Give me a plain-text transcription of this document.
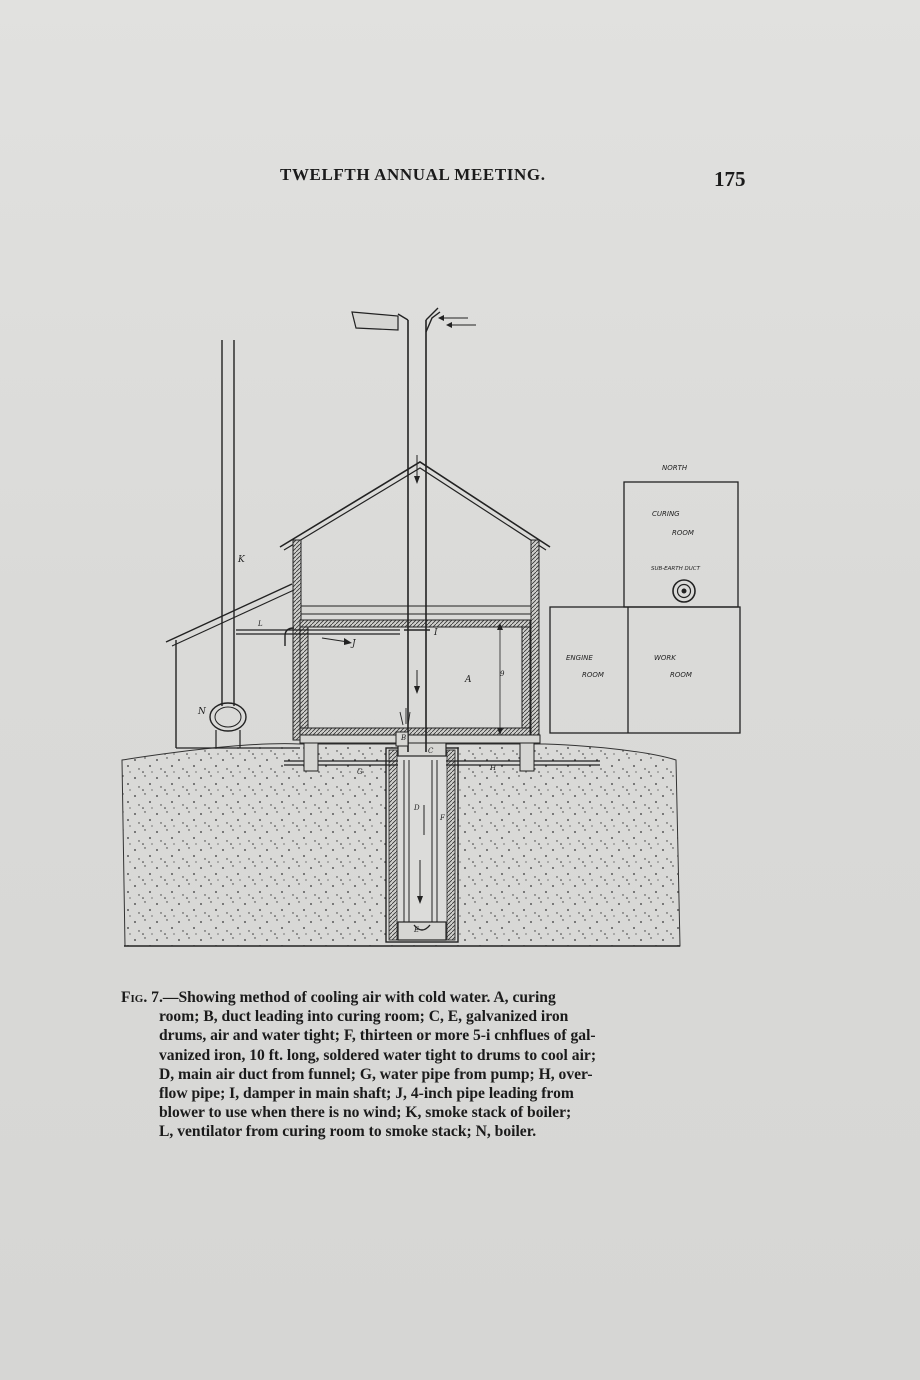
TWELFTH ANNUAL MEETING.	175
NORTH
CURING
ROOM
SUB-EARTH DUCT
ENGINE
ROOM
WORK
ROOM
A
B
C
D
E
F
G	H
I
J
K
L
N
9
Fig. 7.—Showing method of cooling air with cold water. A, curing
room; B, duct leading into curing room; C, E, galvanized iron
drums, air and water tight; F, thirteen or more 5-i cnhflues of gal-
vanized iron, 10 ft. long, soldered water tight to drums to cool air;
D, main air duct from funnel; G, water pipe from pump; H, over-
flow pipe; I, damper in main shaft; J, 4-inch pipe leading from
blower to use when there is no wind; K, smoke stack of boiler;
L, ventilator from curing room to smoke stack; N, boiler.
